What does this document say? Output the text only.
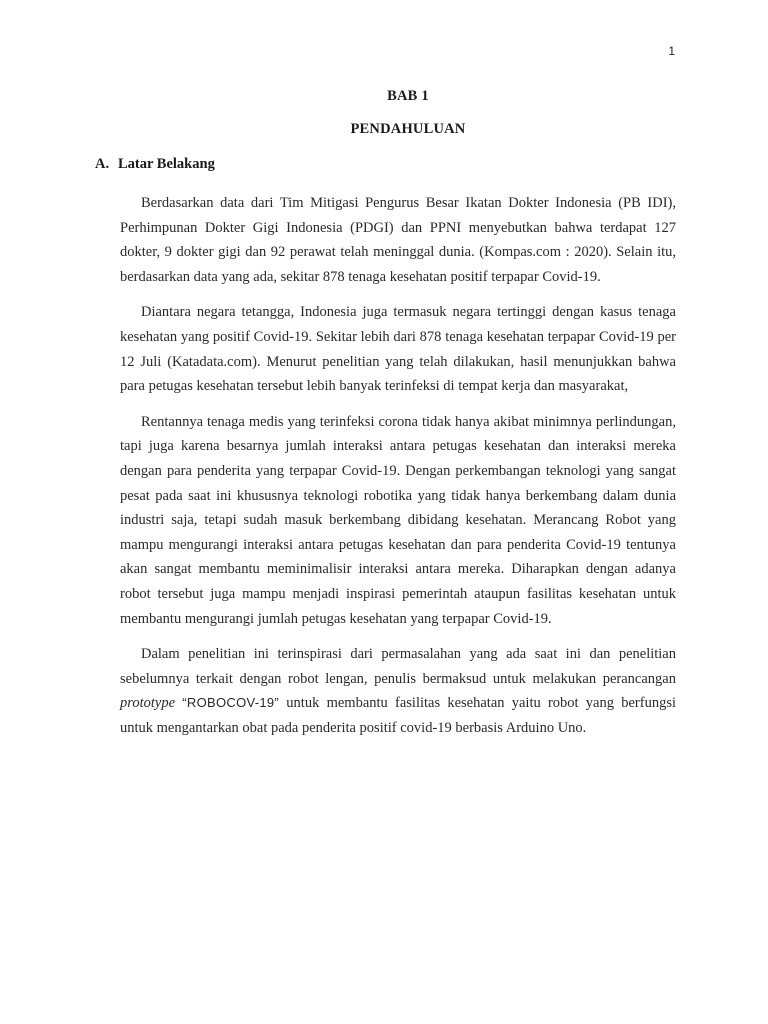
1
BAB 1
PENDAHULUAN
A. Latar Belakang

Berdasarkan data dari Tim Mitigasi Pengurus Besar Ikatan Dokter Indonesia (PB IDI), Perhimpunan Dokter Gigi Indonesia (PDGI) dan PPNI menyebutkan bahwa terdapat 127 dokter, 9 dokter gigi dan 92 perawat telah meninggal dunia. (Kompas.com : 2020). Selain itu, berdasarkan data yang ada, sekitar 878 tenaga kesehatan positif terpapar Covid-19.

Diantara negara tetangga, Indonesia juga termasuk negara tertinggi dengan kasus tenaga kesehatan yang positif Covid-19. Sekitar lebih dari 878 tenaga kesehatan terpapar Covid-19 per 12 Juli (Katadata.com). Menurut penelitian yang telah dilakukan, hasil menunjukkan bahwa para petugas kesehatan tersebut lebih banyak terinfeksi di tempat kerja dan masyarakat,

Rentannya tenaga medis yang terinfeksi corona tidak hanya akibat minimnya perlindungan, tapi juga karena besarnya jumlah interaksi antara petugas kesehatan dan interaksi mereka dengan para penderita yang terpapar Covid-19. Dengan perkembangan teknologi yang sangat pesat pada saat ini khususnya teknologi robotika yang tidak hanya berkembang dalam dunia industri saja, tetapi sudah masuk berkembang dibidang kesehatan. Merancang Robot yang mampu mengurangi interaksi antara petugas kesehatan dan para penderita Covid-19 tentunya akan sangat membantu meminimalisir interaksi antara mereka. Diharapkan dengan adanya robot tersebut juga mampu menjadi inspirasi pemerintah ataupun fasilitas kesehatan untuk membantu mengurangi jumlah petugas kesehatan yang terpapar Covid-19.

Dalam penelitian ini terinspirasi dari permasalahan yang ada saat ini dan penelitian sebelumnya terkait dengan robot lengan, penulis bermaksud untuk melakukan perancangan prototype “ROBOCOV-19” untuk membantu fasilitas kesehatan yaitu robot yang berfungsi untuk mengantarkan obat pada penderita positif covid-19 berbasis Arduino Uno.
